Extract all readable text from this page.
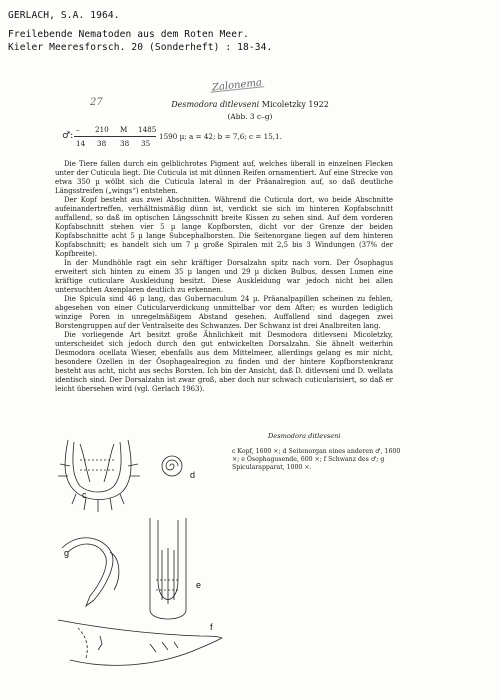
GERLACH, S.A. 1964.
Freilebende Nematoden aus dem Roten Meer.
Kieler Meeresforsch. 20 (Sonderheft) : 18-34.
Zalonema
27	Desmodora ditlevseni Micoletzky 1922
(Abb. 3 c–g)
♂:
– 210 M 1485
14 38 38 35
1590 µ; a = 42; b = 7,6; c = 15,1.

Die Tiere fallen durch ein gelblichrotes Pigment auf, welches überall in einzelnen Flecken unter der Cuticula liegt. Die Cuticula ist mit dünnen Reifen ornamentiert. Auf eine Strecke von etwa 350 µ wölbt sich die Cuticula lateral in der Präanalregion auf, so daß deutliche Längsstreifen („wings“) entstehen.

Der Kopf besteht aus zwei Abschnitten. Während die Cuticula dort, wo beide Abschnitte aufeinandertreffen, verhältnismäßig dünn ist, verdickt sie sich im hinteren Kopfabschnitt auffallend, so daß im optischen Längsschnitt breite Kissen zu sehen sind. Auf dem vorderen Kopfabschnitt stehen vier 5 µ lange Kopfborsten, dicht vor der Grenze der beiden Kopfabschnitte acht 5 µ lange Subcephalborsten. Die Seitenorgane liegen auf dem hinteren Kopfabschnitt; es handelt sich um 7 µ große Spiralen mit 2,5 bis 3 Windungen (37% der Kopfbreite).

In der Mundhöhle ragt ein sehr kräftiger Dorsalzahn spitz nach vorn. Der Ösophagus erweitert sich hinten zu einem 35 µ langen und 29 µ dicken Bulbus, dessen Lumen eine kräftige cuticulare Auskleidung besitzt. Diese Auskleidung war jedoch nicht bei allen untersuchten Axenplaren deutlich zu erkennen.

Die Spicula sind 46 µ lang, das Gubernaculum 24 µ. Präanalpapillen scheinen zu fehlen, abgesehen von einer Cuticularverdickung unmittelbar vor dem After; es wurden lediglich winzige Poren in unregelmäßigem Abstand gesehen. Auffallend sind dagegen zwei Borstengruppen auf der Ventralseite des Schwanzes. Der Schwanz ist drei Analbreiten lang.

Die vorliegende Art besitzt große Ähnlichkeit mit Desmodora ditlevseni Micoletzky, unterscheidet sich jedoch durch den gut entwickelten Dorsalzahn. Sie ähnelt weiterhin Desmodora ocellata Wieser, ebenfalls aus dem Mittelmeer, allerdings gelang es mir nicht, besondere Ozellen in der Ösophagealregion zu finden und der hintere Kopfborstenkranz besteht aus acht, nicht aus sechs Borsten. Ich bin der Ansicht, daß D. ditlevseni und D. wellata identisch sind. Der Dorsalzahn ist zwar groß, aber doch nur schwach cuticularisiert, so daß er leicht übersehen wird (vgl. Gerlach 1963).

c
d
g
e
f
Desmodora ditlevseni
c Kopf, 1600 ×; d Seitenorgan eines anderen ♂, 1600 ×; e Ösophagusende, 600 ×; f Schwanz des ♂; g Spicularapparat, 1000 ×.
